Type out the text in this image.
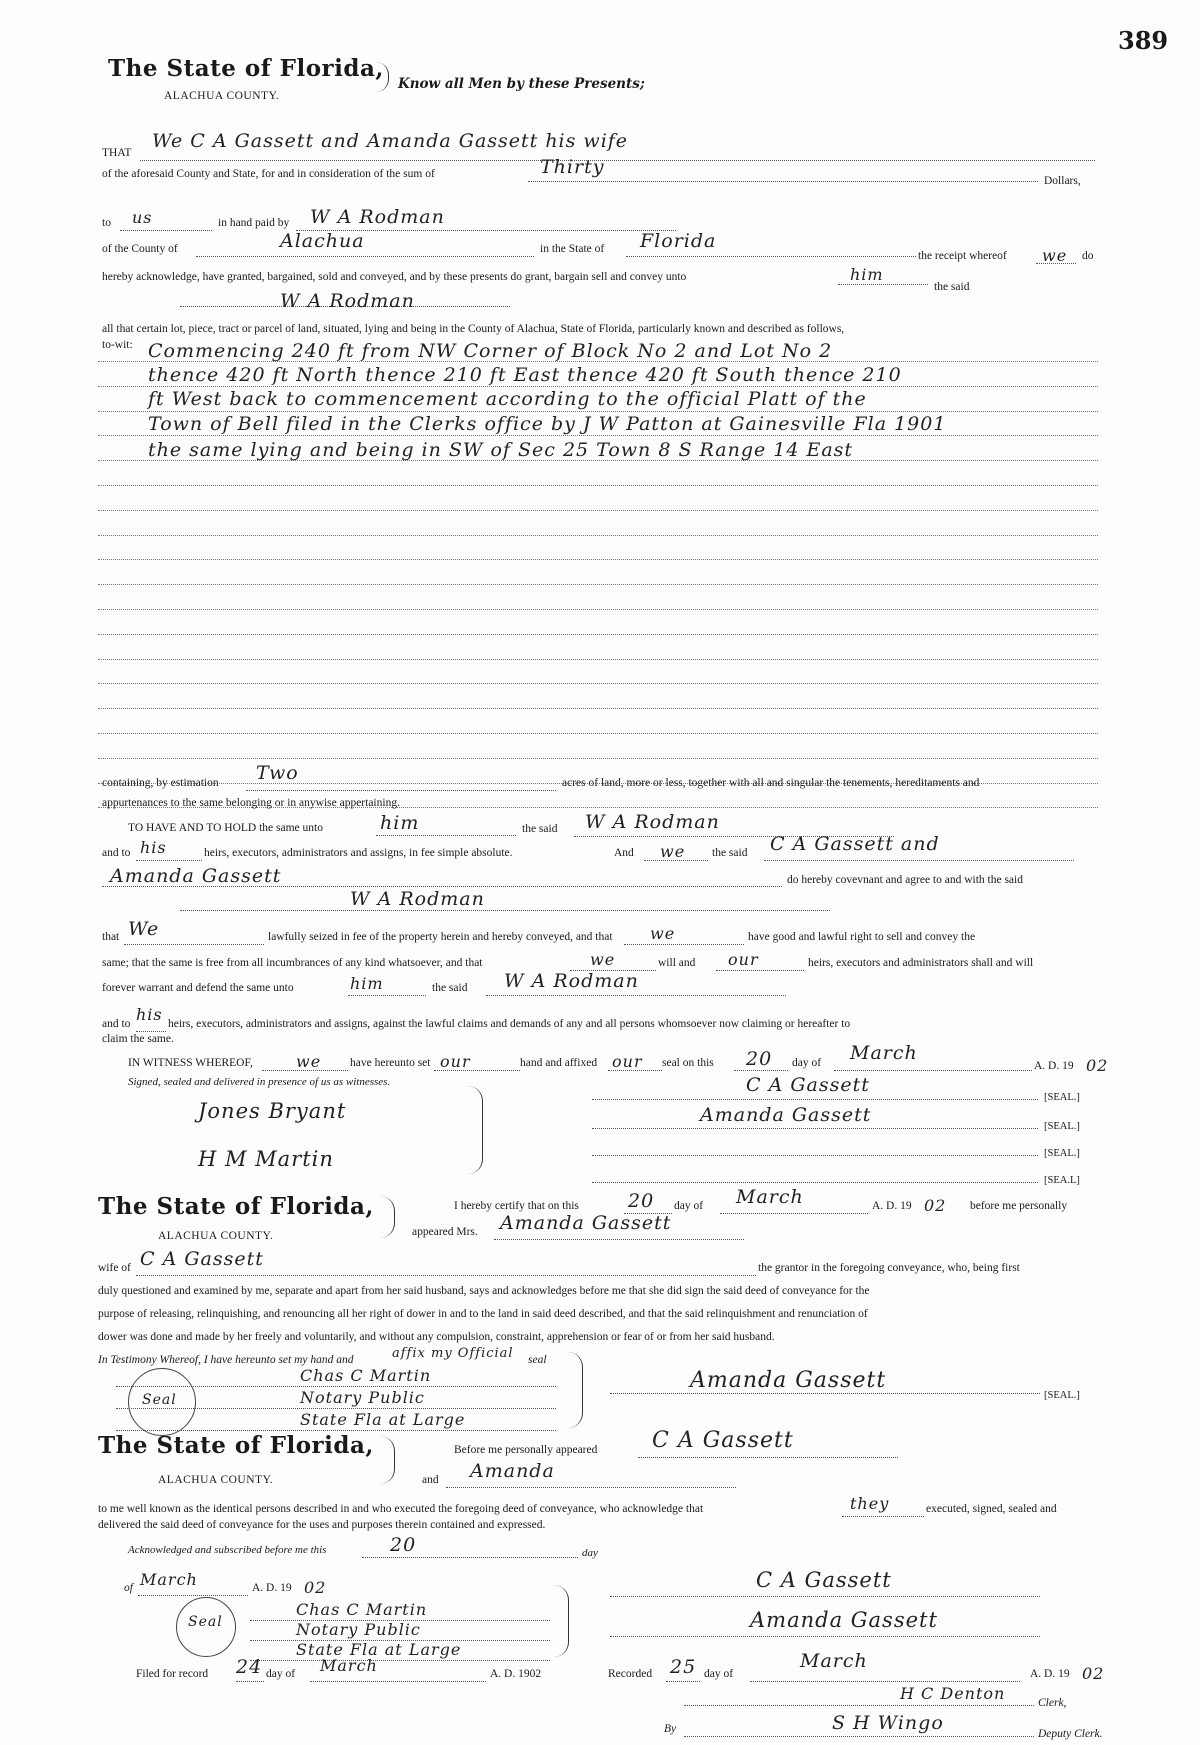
389
The State of Florida,
ALACHUA COUNTY.
Know all Men by these Presents;
THAT
We C A Gassett and Amanda Gassett his wife
of the aforesaid County and State, for and in consideration of the sum of	Thirty
Dollars,
to us	in hand paid by W A Rodman
of the County of	Alachua	in the State of Florida
the receipt whereof we do
hereby acknowledge, have granted, bargained, sold and conveyed, and by these presents do grant, bargain sell and convey unto	him
the said
W A Rodman
all that certain lot, piece, tract or parcel of land, situated, lying and being in the County of Alachua, State of Florida, particularly known and described as follows,
to-wit: Commencing 240 ft from NW Corner of Block No 2 and Lot No 2
thence 420 ft North thence 210 ft East thence 420 ft South thence 210
ft West back to commencement according to the official Platt of the
Town of Bell filed in the Clerks office by J W Patton at Gainesville Fla 1901
the same lying and being in SW of Sec 25 Town 8 S Range 14 East
containing, by estimation Two	acres of land, more or less, together with all and singular the tenements, hereditaments and
appurtenances to the same belonging or in anywise appertaining.
TO HAVE AND TO HOLD the same unto	him	the said W A Rodman
and to his	heirs, executors, administrators and assigns, in fee simple absolute.	And we the said C A Gassett and
Amanda Gassett	do hereby covevnant and agree to and with the said
W A Rodman
that We	lawfully seized in fee of the property herein and hereby conveyed, and that we	have good and lawful right to sell and convey the
same; that the same is free from all incumbrances of any kind whatsoever, and that	we	will and our	heirs, executors and administrators shall and will
forever warrant and defend the same unto	him	the said W A Rodman
and to his heirs, executors, administrators and assigns, against the lawful claims and demands of any and all persons whomsoever now claiming or hereafter to
claim the same.
IN WITNESS WHEREOF,	we	have hereunto set our	hand and affixed our seal on this 20 day of March
A. D. 19 02
Signed, sealed and delivered in presence of us as witnesses.
Jones Bryant
H M Martin
C A Gassett
[SEAL.]
Amanda Gassett
[SEAL.]
[SEAL.]
[SEA.L]
The State of Florida,
ALACHUA COUNTY.
I hereby certify that on this	20 day of March	A. D. 19 02 before me personally
appeared Mrs. Amanda Gassett
wife of C A Gassett	the grantor in the foregoing conveyance, who, being first
duly questioned and examined by me, separate and apart from her said husband, says and acknowledges before me that she did sign the said deed of conveyance for the
purpose of releasing, relinquishing, and renouncing all her right of dower in and to the land in said deed described, and that the said relinquishment and renunciation of
dower was done and made by her freely and voluntarily, and without any compulsion, constraint, apprehension or fear of or from her said husband.
In Testimony Whereof, I have hereunto set my hand and	affix my Official seal
Seal
Chas C Martin
Notary Public
State Fla at Large
Amanda Gassett
[SEAL.]
The State of Florida,
ALACHUA COUNTY.
Before me personally appeared C A Gassett
and Amanda
to me well known as the identical persons described in and who executed the foregoing deed of conveyance, who acknowledge that	they	executed, signed, sealed and
delivered the said deed of conveyance for the uses and purposes therein contained and expressed.
Acknowledged and subscribed before me this	20	day
of March	A. D. 19 02
Seal
Chas C Martin
Notary Public
State Fla at Large
C A Gassett
Amanda Gassett
Filed for record 24 day of March	A. D. 1902	Recorded 25 day of
March
A. D. 19 02
H C Denton	Clerk,
By	S H Wingo	Deputy Clerk.
